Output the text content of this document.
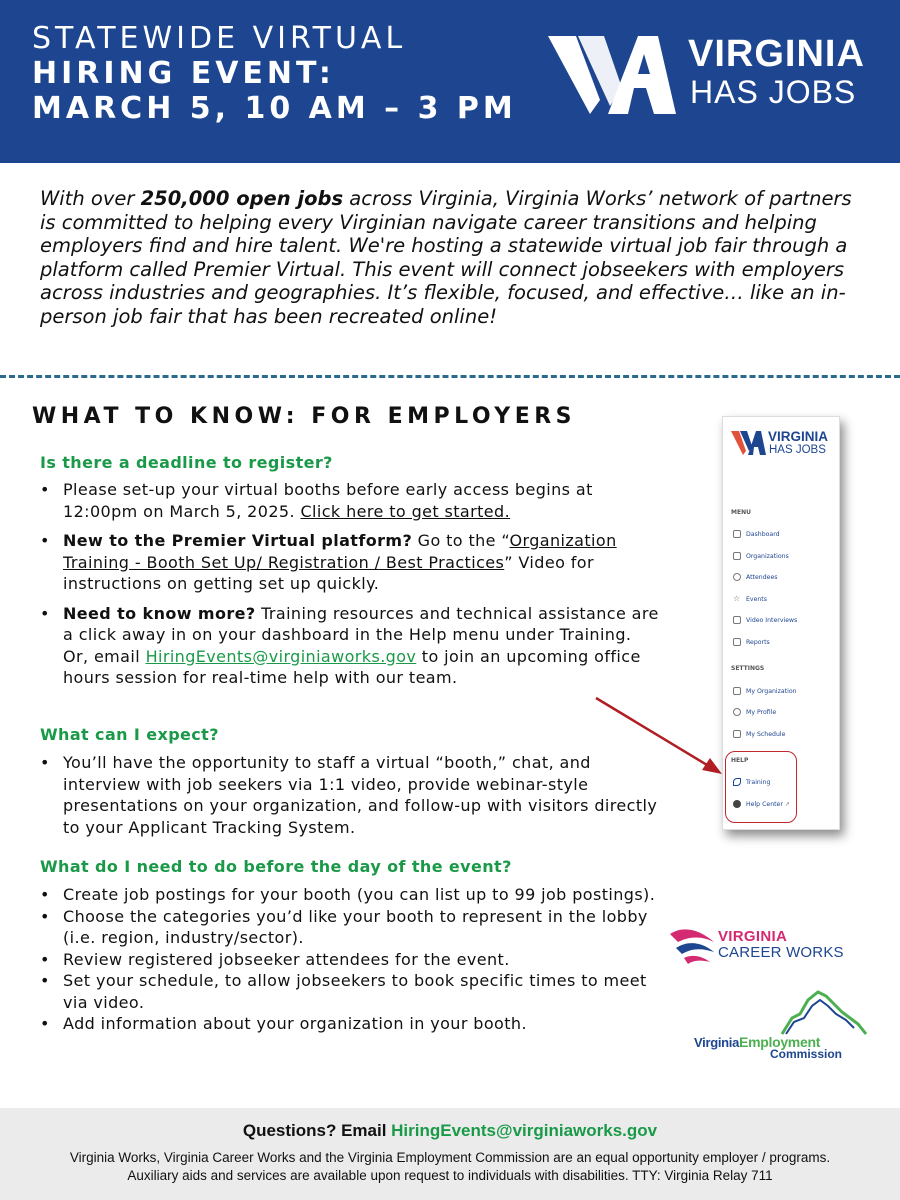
STATEWIDE VIRTUAL
HIRING EVENT:
MARCH 5, 10 AM – 3 PM
VIRGINIA
HAS JOBS
With over 250,000 open jobs across Virginia, Virginia Works’ network of partners is committed to helping every Virginian navigate career transitions and helping employers find and hire talent. We're hosting a statewide virtual job fair through a platform called Premier Virtual. This event will connect jobseekers with employers across industries and geographies. It’s flexible, focused, and effective… like an in-person job fair that has been recreated online!
WHAT TO KNOW: FOR EMPLOYERS
Is there a deadline to register?
• Please set-up your virtual booths before early access begins at 12:00pm on March 5, 2025. Click here to get started.
• New to the Premier Virtual platform? Go to the “Organization Training - Booth Set Up/ Registration / Best Practices” Video for instructions on getting set up quickly.
• Need to know more? Training resources and technical assistance are a click away in on your dashboard in the Help menu under Training. Or, email HiringEvents@virginiaworks.gov to join an upcoming office hours session for real-time help with our team.
What can I expect?
• You’ll have the opportunity to staff a virtual “booth,” chat, and interview with job seekers via 1:1 video, provide webinar-style presentations on your organization, and follow-up with visitors directly to your Applicant Tracking System.
What do I need to do before the day of the event?
• Create job postings for your booth (you can list up to 99 job postings).
• Choose the categories you’d like your booth to represent in the lobby (i.e. region, industry/sector).
• Review registered jobseeker attendees for the event.
• Set your schedule, to allow jobseekers to book specific times to meet via video.
• Add information about your organization in your booth.
VIRGINIA
HAS JOBS
MENU
Dashboard
Organizations
Attendees
☆ Events
Video Interviews
Reports
SETTINGS
My Organization
My Profile
My Schedule
HELP
Training
Help Center ↗
VIRGINIA
CAREER WORKS
VirginiaEmployment
Commission
Questions? Email HiringEvents@virginiaworks.gov
Virginia Works, Virginia Career Works and the Virginia Employment Commission are an equal opportunity employer / programs.
Auxiliary aids and services are available upon request to individuals with disabilities. TTY: Virginia Relay 711
